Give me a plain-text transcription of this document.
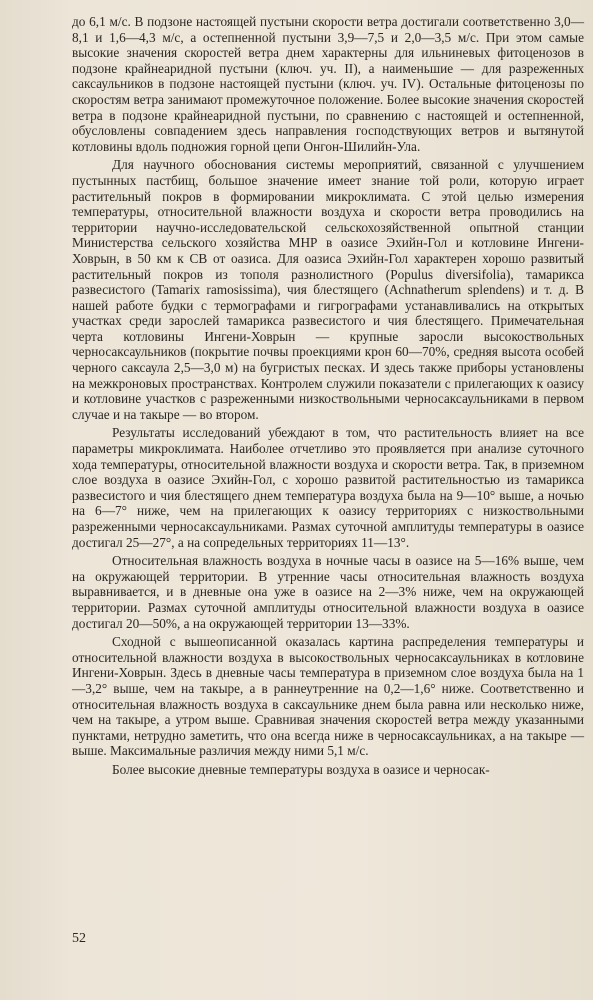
до 6,1 м/с. В подзоне настоящей пустыни скорости ветра достигали соответственно 3,0—8,1 и 1,6—4,3 м/с, а остепненной пустыни 3,9—7,5 и 2,0—3,5 м/с. При этом самые высокие значения скоростей ветра днем характерны для ильниневых фитоценозов в подзоне крайнеаридной пустыни (ключ. уч. II), а наименьшие — для разреженных саксаульников в подзоне настоящей пустыни (ключ. уч. IV). Остальные фитоценозы по скоростям ветра занимают промежуточное положение. Более высокие значения скоростей ветра в подзоне крайнеаридной пустыни, по сравнению с настоящей и остепненной, обусловлены совпадением здесь направления господствующих ветров и вытянутой котловины вдоль подножия горной цепи Онгон-Шилийн-Ула.

Для научного обоснования системы мероприятий, связанной с улучшением пустынных пастбищ, большое значение имеет знание той роли, которую играет растительный покров в формировании микроклимата. С этой целью измерения температуры, относительной влажности воздуха и скорости ветра проводились на территории научно-исследовательской сельскохозяйственной опытной станции Министерства сельского хозяйства МНР в оазисе Эхийн-Гол и котловине Ингени-Ховрын, в 50 км к СВ от оазиса. Для оазиса Эхийн-Гол характерен хорошо развитый растительный покров из тополя разнолистного (Populus diversifolia), тамарикса развесистого (Tamarix ramosissima), чия блестящего (Achnatherum splendens) и т. д. В нашей работе будки с термографами и гигрографами устанавливались на открытых участках среди зарослей тамарикса развесистого и чия блестящего. Примечательная черта котловины Ингени-Ховрын — крупные заросли высокоствольных черносаксаульников (покрытие почвы проекциями крон 60—70%, средняя высота особей черного саксаула 2,5—3,0 м) на бугристых песках. И здесь также приборы установлены на межкроновых пространствах. Контролем служили показатели с прилегающих к оазису и котловине участков с разреженными низкоствольными черносаксаульниками в первом случае и на такыре — во втором.

Результаты исследований убеждают в том, что растительность влияет на все параметры микроклимата. Наиболее отчетливо это проявляется при анализе суточного хода температуры, относительной влажности воздуха и скорости ветра. Так, в приземном слое воздуха в оазисе Эхийн-Гол, с хорошо развитой растительностью из тамарикса развесистого и чия блестящего днем температура воздуха была на 9—10° выше, а ночью на 6—7° ниже, чем на прилегающих к оазису территориях с низкоствольными разреженными черносаксаульниками. Размах суточной амплитуды температуры в оазисе достигал 25—27°, а на сопредельных территориях 11—13°.

Относительная влажность воздуха в ночные часы в оазисе на 5—16% выше, чем на окружающей территории. В утренние часы относительная влажность воздуха выравнивается, и в дневные она уже в оазисе на 2—3% ниже, чем на окружающей территории. Размах суточной амплитуды относительной влажности воздуха в оазисе достигал 20—50%, а на окружающей территории 13—33%.

Сходной с вышеописанной оказалась картина распределения температуры и относительной влажности воздуха в высокоствольных черносаксаульниках в котловине Ингени-Ховрын. Здесь в дневные часы температура в приземном слое воздуха была на 1—3,2° выше, чем на такыре, а в раннеутренние на 0,2—1,6° ниже. Соответственно и относительная влажность воздуха в саксаульнике днем была равна или несколько ниже, чем на такыре, а утром выше. Сравнивая значения скоростей ветра между указанными пунктами, нетрудно заметить, что она всегда ниже в черносаксаульниках, а на такыре — выше. Максимальные различия между ними 5,1 м/с.

Более высокие дневные температуры воздуха в оазисе и черносак-

52
